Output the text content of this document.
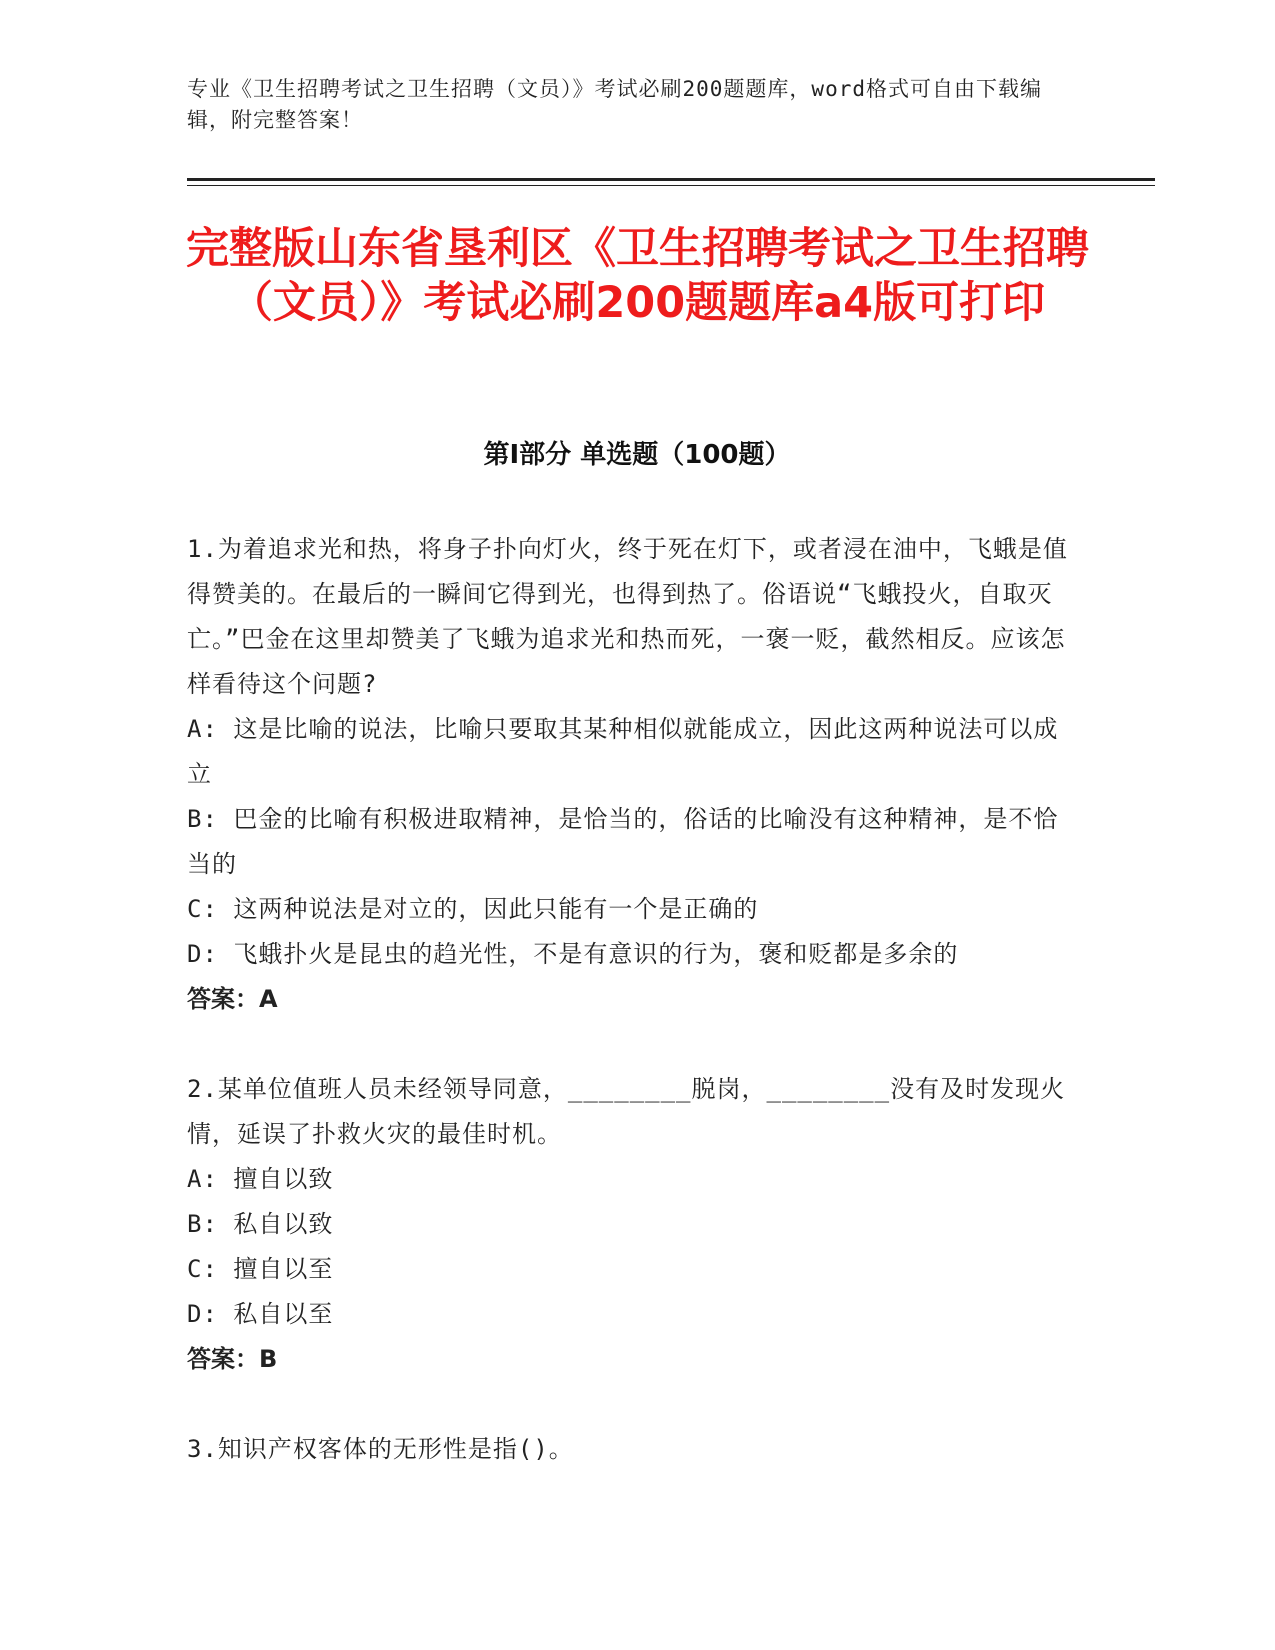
专业《卫生招聘考试之卫生招聘（文员）》考试必刷200题题库，word格式可自由下载编辑，附完整答案！
完整版山东省垦利区《卫生招聘考试之卫生招聘（文员）》考试必刷200题题库a4版可打印
第I部分 单选题（100题）

1.为着追求光和热，将身子扑向灯火，终于死在灯下，或者浸在油中，飞蛾是值得赞美的。在最后的一瞬间它得到光，也得到热了。俗语说“飞蛾投火，自取灭亡。”巴金在这里却赞美了飞蛾为追求光和热而死，一褒一贬，截然相反。应该怎样看待这个问题?

A: 这是比喻的说法，比喻只要取其某种相似就能成立，因此这两种说法可以成立

B: 巴金的比喻有积极进取精神，是恰当的，俗话的比喻没有这种精神，是不恰当的

C: 这两种说法是对立的，因此只能有一个是正确的

D: 飞蛾扑火是昆虫的趋光性，不是有意识的行为，褒和贬都是多余的

答案：A

2.某单位值班人员未经领导同意，________脱岗，________没有及时发现火情，延误了扑救火灾的最佳时机。

A: 擅自以致

B: 私自以致

C: 擅自以至

D: 私自以至

答案：B

3.知识产权客体的无形性是指()。
